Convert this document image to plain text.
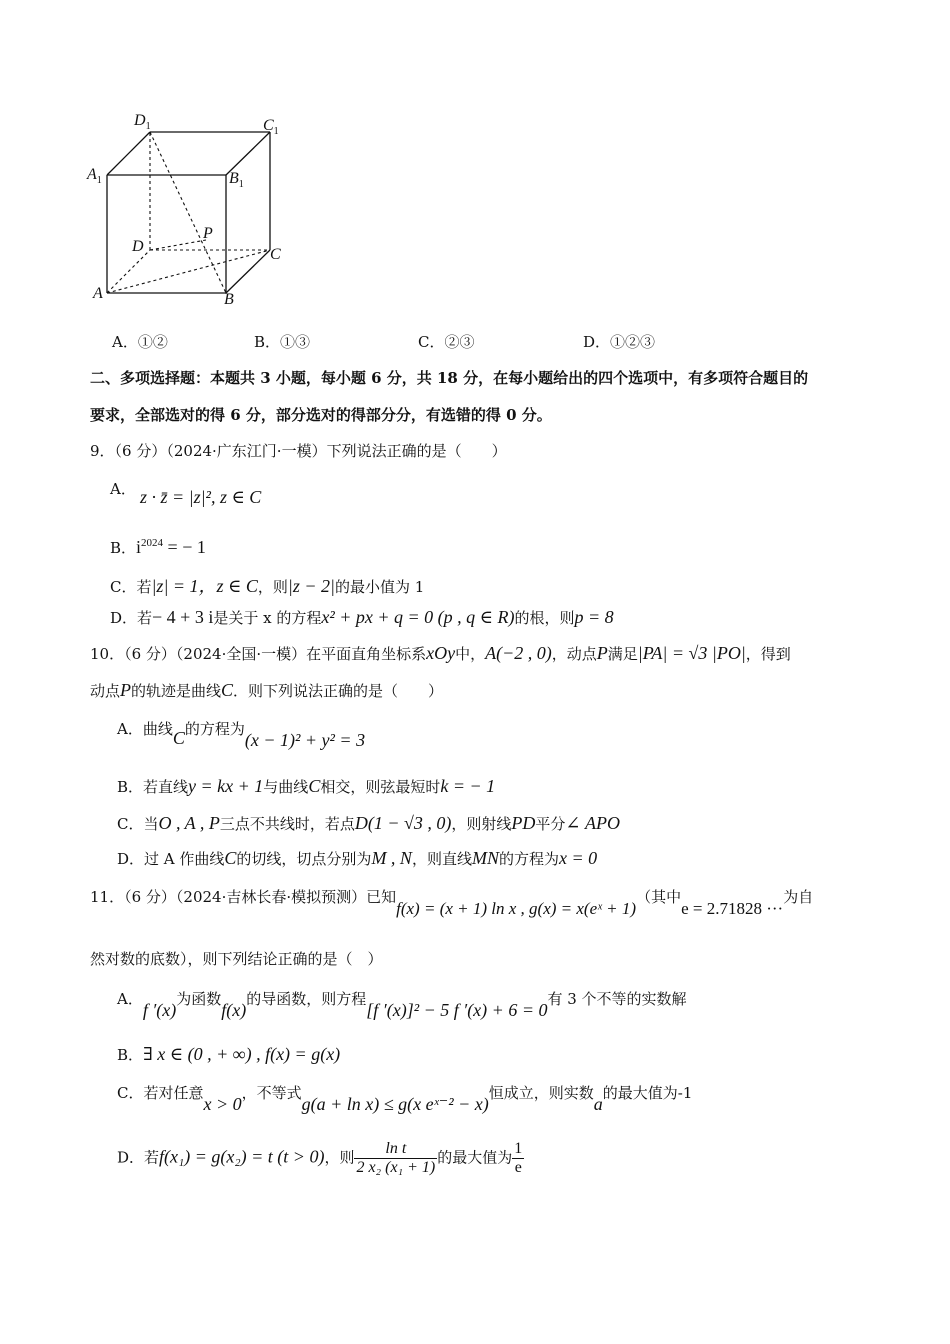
$D_1$	$C_1$
$A_1$	$B_1$
D
P
C
A	B
A．①②	B．①③	C．②③	D．①②③
二、多项选择题：本题共 3 小题，每小题 6 分，共 18 分，在每小题给出的四个选项中，有多项符合题目的
要求，全部选对的得 6 分，部分选对的得部分分，有选错的得 0 分。
9．（6 分）（2024·广东江门·一模）下列说法正确的是（　　）
A． z · z̄ = |z|², z ∈ C
B．$i^{2024}$ = − 1
C．若|z| = 1，z ∈ C，则|z − 2|的最小值为 1
D．若− 4 + 3 i是关于 x 的方程x² + px + q = 0 (p , q ∈ R)的根，则p = 8
10．（6 分）（2024·全国·一模）在平面直角坐标系xOy中，A(−2 , 0)，动点P满足|PA| = √3 |PO|，得到
动点P的轨迹是曲线C．则下列说法正确的是（　　）
A．曲线C的方程为(x − 1)² + y² = 3
B．若直线y = kx + 1与曲线C相交，则弦最短时k = − 1
C．当O , A , P三点不共线时，若点D(1 − √3 , 0)，则射线PD平分∠ APO
D．过 A 作曲线C的切线，切点分别为M , N，则直线MN的方程为x = 0
11．（6 分）（2024·吉林长春·模拟预测）已知f(x) = (x + 1) ln x , g(x) = x(eˣ + 1)（其中e = 2.71828 ···为自
然对数的底数），则下列结论正确的是（　）
A．f ′(x)为函数f(x)的导函数，则方程[f ′(x)]² − 5 f ′(x) + 6 = 0有 3 个不等的实数解
B．∃ x ∈ (0 , + ∞) , f(x) = g(x)
C．若对任意x > 0，不等式g(a + ln x) ≤ g(x eˣ⁻² − x)恒成立，则实数a的最大值为-1
D．若f(x₁) = g(x₂) = t (t > 0)，则 $\frac{\text{ln t}}{\text{2 x₂ (x₁ + 1)}}$ 的最大值为 $\frac{1}{e}$
